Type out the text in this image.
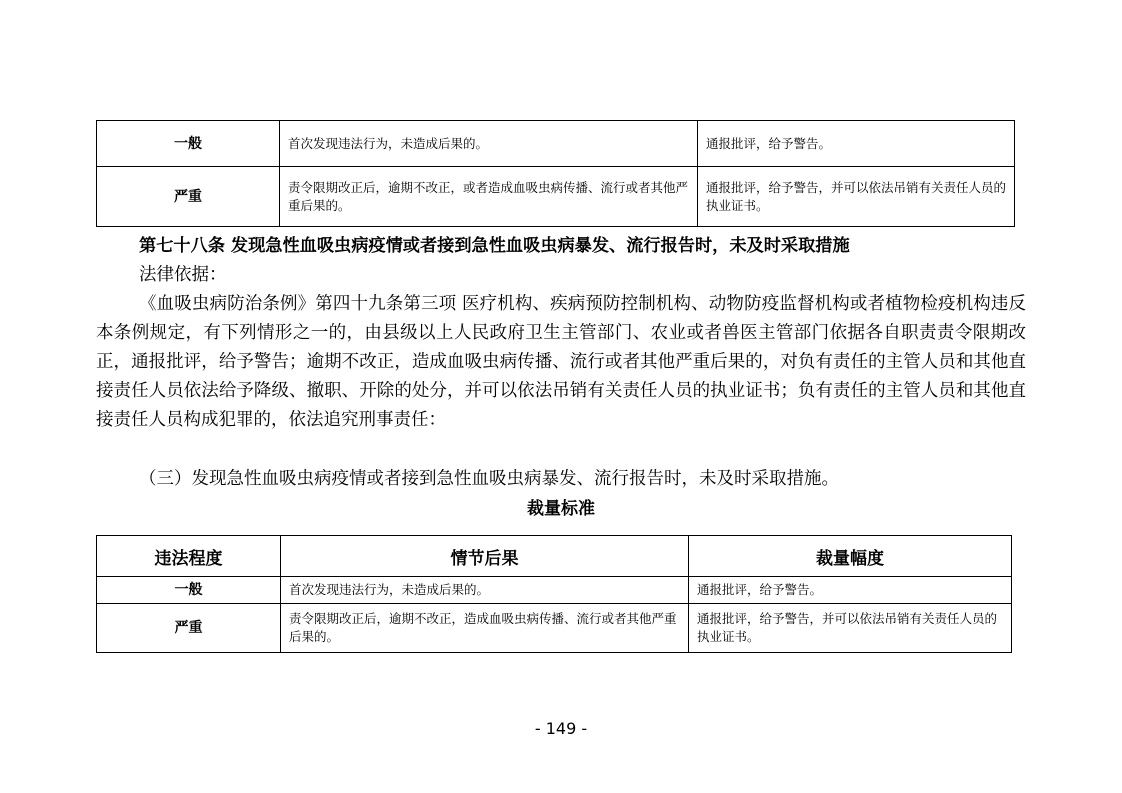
一般	首次发现违法行为，未造成后果的。	通报批评，给予警告。
严重	责令限期改正后，逾期不改正，或者造成血吸虫病传播、流行或者其他严重后果的。	通报批评，给予警告，并可以依法吊销有关责任人员的执业证书。

第七十八条 发现急性血吸虫病疫情或者接到急性血吸虫病暴发、流行报告时，未及时采取措施

法律依据：

《血吸虫病防治条例》第四十九条第三项 医疗机构、疾病预防控制机构、动物防疫监督机构或者植物检疫机构违反本条例规定，有下列情形之一的，由县级以上人民政府卫生主管部门、农业或者兽医主管部门依据各自职责责令限期改正，通报批评，给予警告；逾期不改正，造成血吸虫病传播、流行或者其他严重后果的，对负有责任的主管人员和其他直接责任人员依法给予降级、撤职、开除的处分，并可以依法吊销有关责任人员的执业证书；负有责任的主管人员和其他直接责任人员构成犯罪的，依法追究刑事责任：

（三）发现急性血吸虫病疫情或者接到急性血吸虫病暴发、流行报告时，未及时采取措施。

裁量标准

违法程度	情节后果	裁量幅度
一般	首次发现违法行为，未造成后果的。	通报批评，给予警告。
严重	责令限期改正后，逾期不改正，造成血吸虫病传播、流行或者其他严重后果的。	通报批评，给予警告，并可以依法吊销有关责任人员的执业证书。
- 149 -
